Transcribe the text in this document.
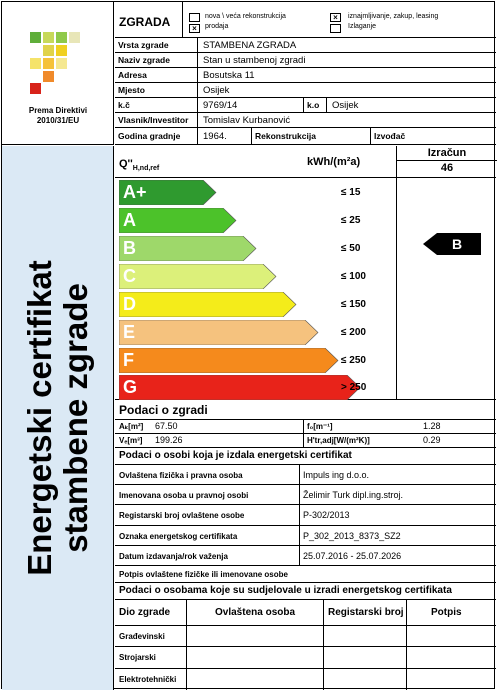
Prema Direktivi 2010/31/EU
Energetski certifikat stambene zgrade
ZGRADA	×
nova \ veća rekonstrukcija
prodaja
×	iznajmljivanje, zakup, leasing
Izlaganje
Vrsta zgrade	STAMBENA ZGRADA
Naziv zgrade	Stan u stambenoj zgradi
Adresa	Bosutska 11
Mjesto	Osijek
k.č	9769/14	k.o	Osijek
Vlasnik/Investitor	Tomislav Kurbanović
Godina gradnje	1964.	Rekonstrukcija	Izvođač
$Q''_{H,nd,ref}$
kWh/(m²a)
Izračun
46
A+	≤ 15
A	≤ 25
B	≤ 50
C	≤ 100
D	≤ 150
E	≤ 200
F	≤ 250
G	> 250
B
Podaci o zgradi
Aₖ[m²] 67.50	f₀[m⁻¹]	1.28
Vₑ[m³] 199.26	H'tr,adj[W/(m²K)]	0.29
Podaci o osobi koja je izdala energetski certifikat
Ovlaštena fizička i pravna osoba	Impuls ing d.o.o.
Imenovana osoba u pravnoj osobi	Želimir Turk dipl.ing.stroj.
Registarski broj ovlaštene osobe	P-302/2013
Oznaka energetskog certifikata	P_302_2013_8373_SZ2
Datum izdavanja/rok važenja	25.07.2016 - 25.07.2026
Potpis ovlaštene fizičke ili imenovane osobe
Podaci o osobama koje su sudjelovale u izradi energetskog certifikata
Dio zgrade	Ovlaštena osoba	Registarski broj	Potpis
Građevinski
Strojarski
Elektrotehnički
